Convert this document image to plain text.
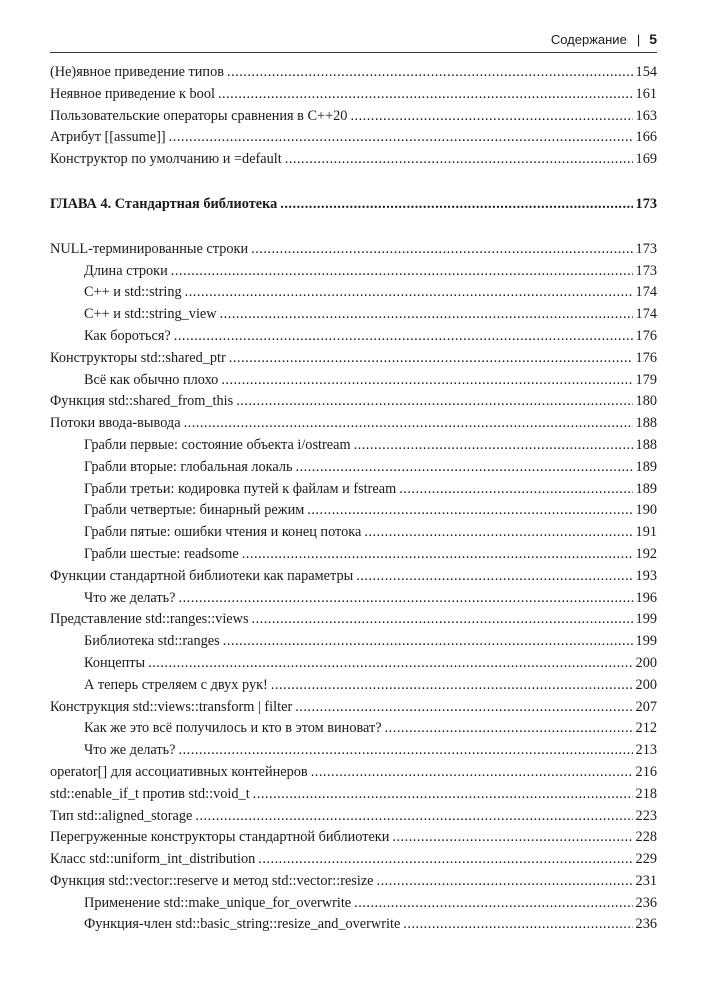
Содержание | 5
(Не)явное приведение типов .....	154
Неявное приведение к bool .....	161
Пользовательские операторы сравнения в C++20 .....	163
Атрибут [[assume]] .....	166
Конструктор по умолчанию и =default .....	169
ГЛАВА 4. Стандартная библиотека .....	173
NULL-терминированные строки .....	173
Длина строки .....	173
C++ и std::string .....	174
C++ и std::string_view .....	174
Как бороться? .....	176
Конструкторы std::shared_ptr .....	176
Всё как обычно плохо .....	179
Функция std::shared_from_this .....	180
Потоки ввода-вывода .....	188
Грабли первые: состояние объекта i/ostream .....	188
Грабли вторые: глобальная локаль .....	189
Грабли третьи: кодировка путей к файлам и fstream .....	189
Грабли четвертые: бинарный режим .....	190
Грабли пятые: ошибки чтения и конец потока .....	191
Грабли шестые: readsome .....	192
Функции стандартной библиотеки как параметры .....	193
Что же делать? .....	196
Представление std::ranges::views .....	199
Библиотека std::ranges .....	199
Концепты .....	200
А теперь стреляем с двух рук! .....	200
Конструкция std::views::transform | filter .....	207
Как же это всё получилось и кто в этом виноват? .....	212
Что же делать? .....	213
operator[] для ассоциативных контейнеров .....	216
std::enable_if_t против std::void_t .....	218
Тип std::aligned_storage .....	223
Перегруженные конструкторы стандартной библиотеки .....	228
Класс std::uniform_int_distribution .....	229
Функция std::vector::reserve и метод std::vector::resize .....	231
Применение std::make_unique_for_overwrite .....	236
Функция-член std::basic_string::resize_and_overwrite .....	236
